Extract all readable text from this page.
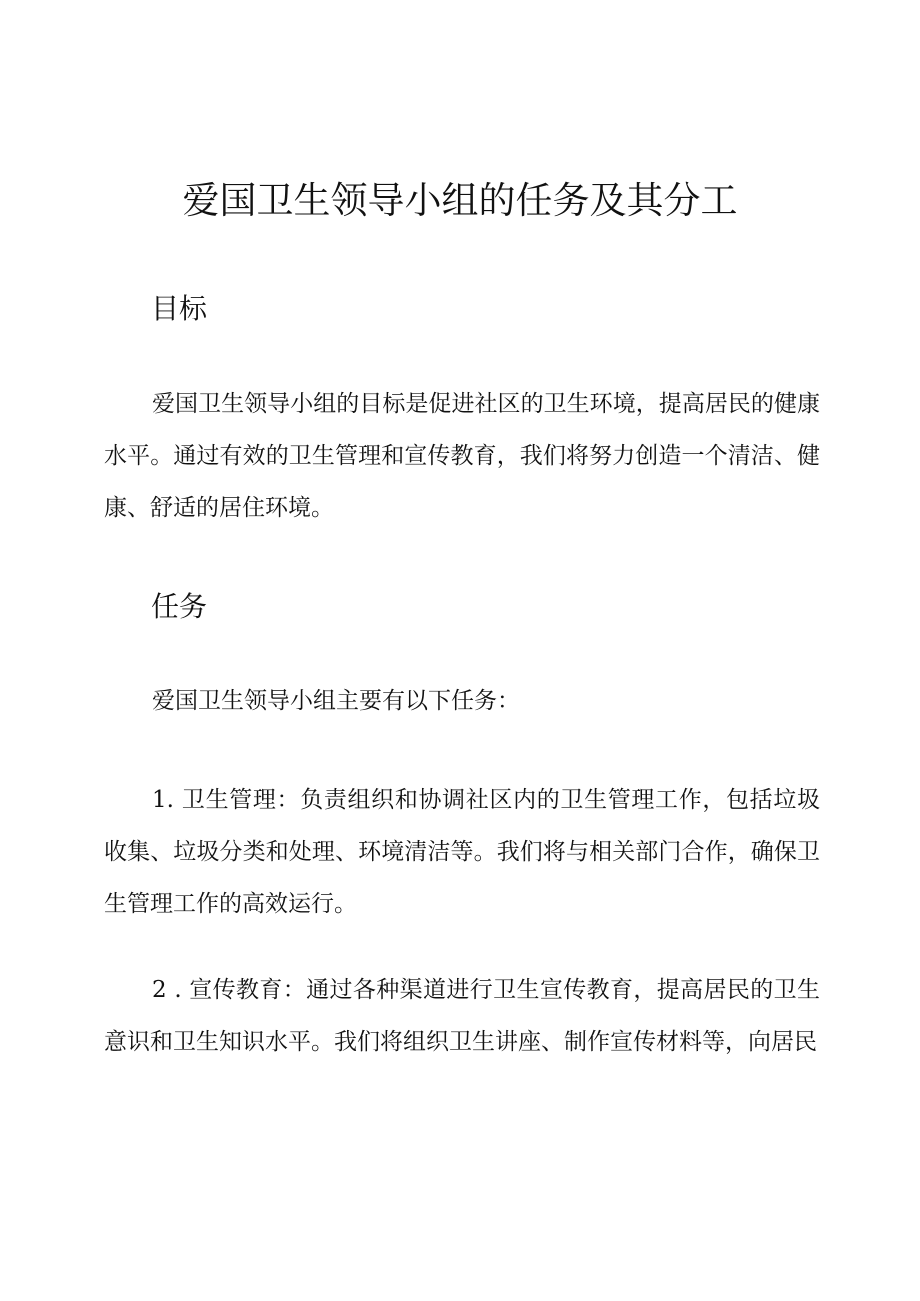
爱国卫生领导小组的任务及其分工
目标

爱国卫生领导小组的目标是促进社区的卫生环境，提高居民的健康水平。通过有效的卫生管理和宣传教育，我们将努力创造一个清洁、健康、舒适的居住环境。

任务

爱国卫生领导小组主要有以下任务：

1. 卫生管理：负责组织和协调社区内的卫生管理工作，包括垃圾收集、垃圾分类和处理、环境清洁等。我们将与相关部门合作，确保卫生管理工作的高效运行。

2 . 宣传教育：通过各种渠道进行卫生宣传教育，提高居民的卫生意识和卫生知识水平。我们将组织卫生讲座、制作宣传材料等，向居民
